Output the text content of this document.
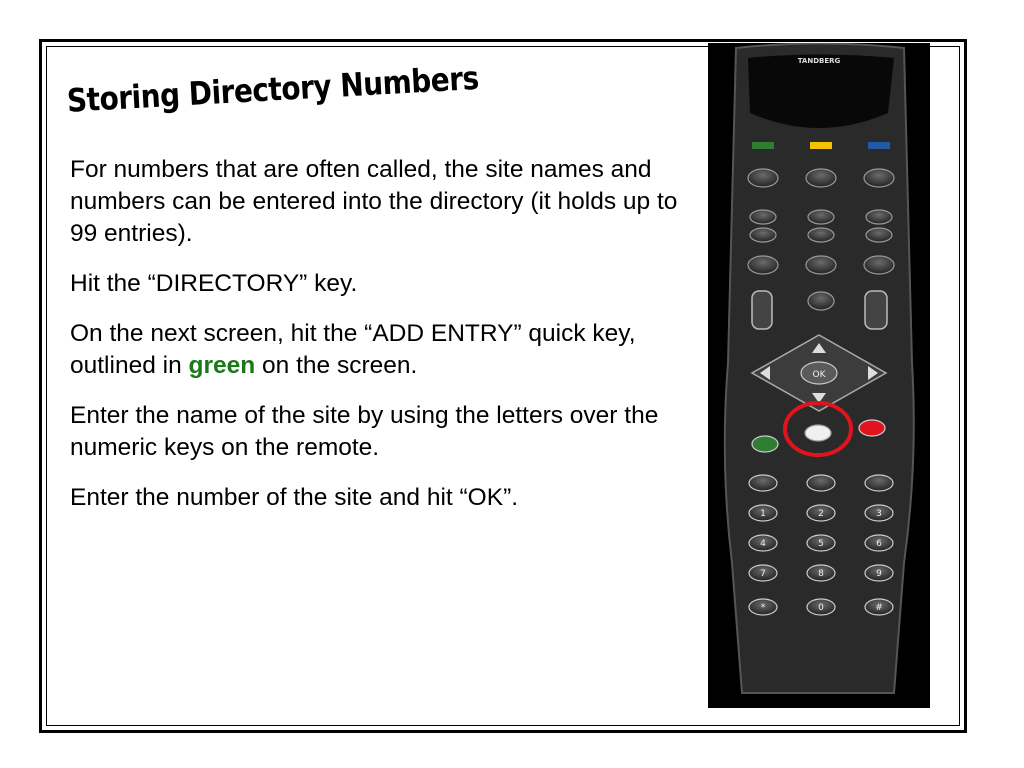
Storing Directory Numbers

For numbers that are often called, the site names and numbers can be entered into the directory (it holds up to 99 entries).

Hit the “DIRECTORY” key.

On the next screen, hit the “ADD ENTRY” quick key, outlined in green on the screen.

Enter the name of the site by using the letters over the numeric keys on the remote.

Enter the number of the site and hit “OK”.

TANDBERG
OK
1	2	3
4	5	6
7	8	9
*	0	#
